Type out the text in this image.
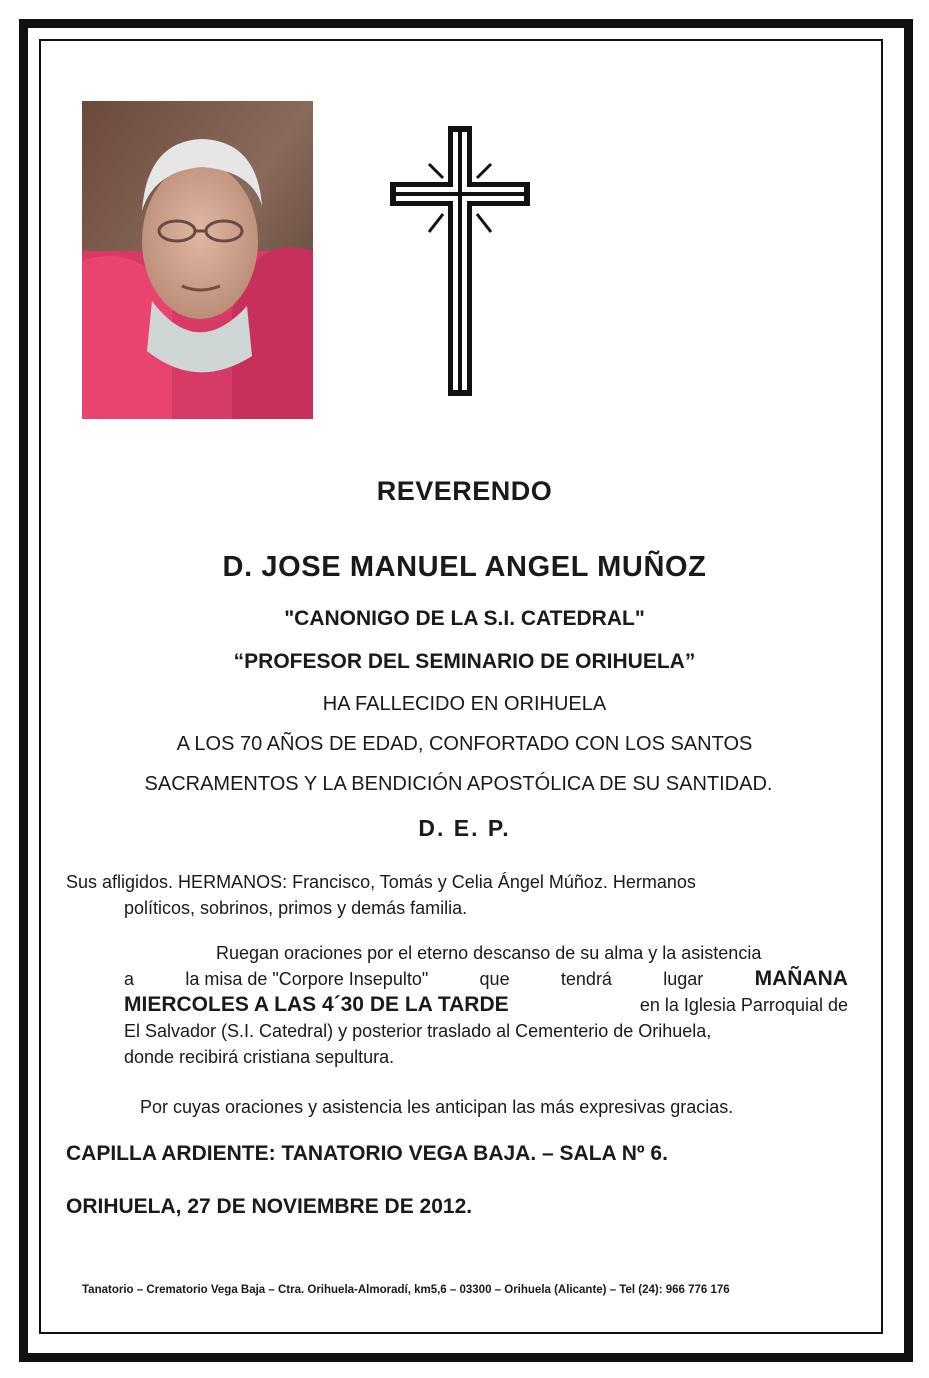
REVERENDO
D. JOSE MANUEL ANGEL MUÑOZ
"CANONIGO DE LA S.I. CATEDRAL"
“PROFESOR DEL SEMINARIO DE ORIHUELA”
HA FALLECIDO EN ORIHUELA
A LOS 70 AÑOS DE EDAD, CONFORTADO CON LOS SANTOS
SACRAMENTOS Y LA BENDICIÓN APOSTÓLICA DE SU SANTIDAD.
D. E. P.
Sus afligidos. HERMANOS: Francisco, Tomás y Celia Ángel Múñoz. Hermanos
políticos, sobrinos, primos y demás familia.
Ruegan oraciones por el eterno descanso de su alma y la asistencia
a	la misa de "Corpore Insepulto"	que	tendrá	lugar MAÑANA
MIERCOLES A LAS 4´30 DE LA TARDE	en la Iglesia Parroquial de
El Salvador (S.I. Catedral) y posterior traslado al Cementerio de Orihuela,
donde recibirá cristiana sepultura.
Por cuyas oraciones y asistencia les anticipan las más expresivas gracias.
CAPILLA ARDIENTE: TANATORIO VEGA BAJA. – SALA Nº 6.
ORIHUELA, 27 DE NOVIEMBRE DE 2012.
Tanatorio – Crematorio Vega Baja – Ctra. Orihuela-Almoradí, km5,6 – 03300 – Orihuela (Alicante) – Tel (24): 966 776 176
